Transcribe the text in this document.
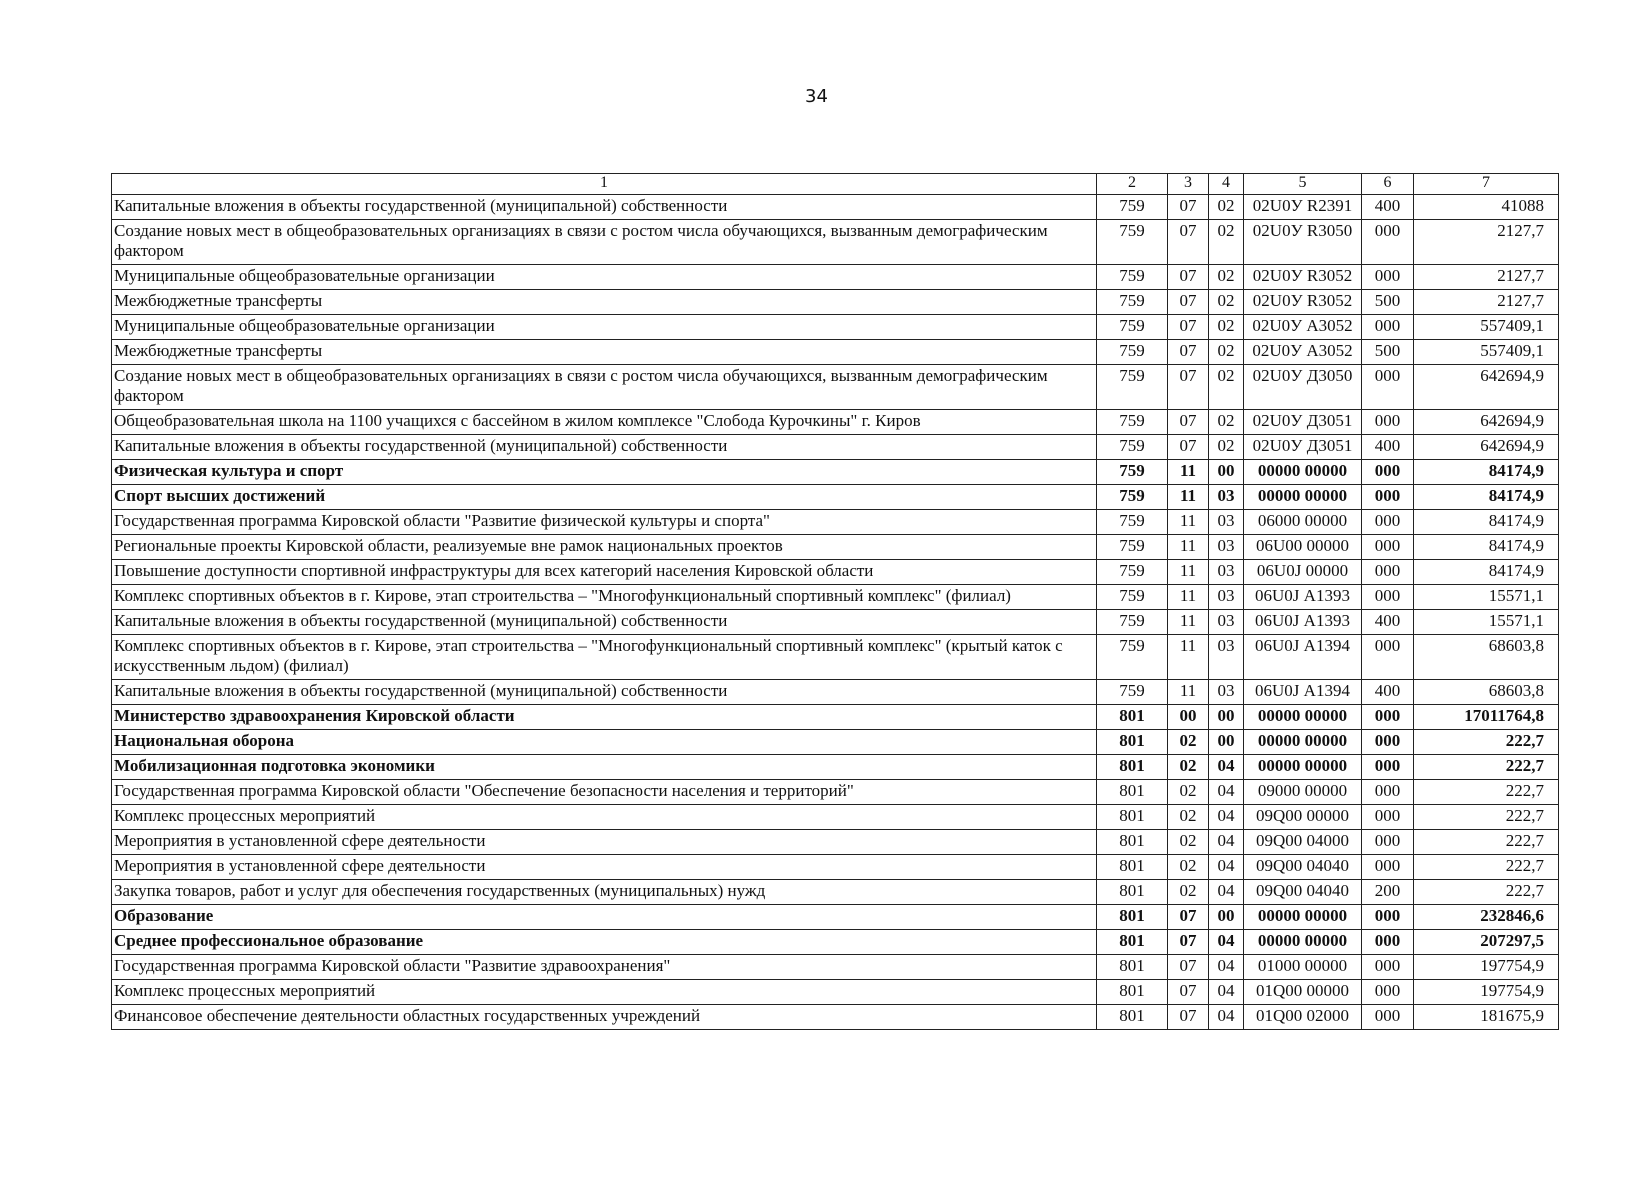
34
1	2	3	4	5	6	7
Капитальные вложения в объекты государственной (муниципальной) собственности	759	07	02	02U0У R2391	400	41088
Создание новых мест в общеобразовательных организациях в связи с ростом числа обучающихся, вызванным демографическим фактором	759	07	02	02U0У R3050	000	2127,7
Муниципальные общеобразовательные организации	759	07	02	02U0У R3052	000	2127,7
Межбюджетные трансферты	759	07	02	02U0У R3052	500	2127,7
Муниципальные общеобразовательные организации	759	07	02	02U0У А3052	000	557409,1
Межбюджетные трансферты	759	07	02	02U0У А3052	500	557409,1
Создание новых мест в общеобразовательных организациях в связи с ростом числа обучающихся, вызванным демографическим фактором	759	07	02	02U0У Д3050	000	642694,9
Общеобразовательная школа на 1100 учащихся с бассейном в жилом комплексе "Слобода Курочкины" г. Киров	759	07	02	02U0У Д3051	000	642694,9
Капитальные вложения в объекты государственной (муниципальной) собственности	759	07	02	02U0У Д3051	400	642694,9
Физическая культура и спорт	759	11	00	00000 00000	000	84174,9
Спорт высших достижений	759	11	03	00000 00000	000	84174,9
Государственная программа Кировской области "Развитие физической культуры и спорта"	759	11	03	06000 00000	000	84174,9
Региональные проекты Кировской области, реализуемые вне рамок национальных проектов	759	11	03	06U00 00000	000	84174,9
Повышение доступности спортивной инфраструктуры для всех категорий населения Кировской области	759	11	03	06U0J 00000	000	84174,9
Комплекс спортивных объектов в г. Кирове, этап строительства – "Многофункциональный спортивный комплекс" (филиал)	759	11	03	06U0J А1393	000	15571,1
Капитальные вложения в объекты государственной (муниципальной) собственности	759	11	03	06U0J А1393	400	15571,1
Комплекс спортивных объектов в г. Кирове, этап строительства – "Многофункциональный спортивный комплекс" (крытый каток с искусственным льдом) (филиал)	759	11	03	06U0J А1394	000	68603,8
Капитальные вложения в объекты государственной (муниципальной) собственности	759	11	03	06U0J А1394	400	68603,8
Министерство здравоохранения Кировской области	801	00	00	00000 00000	000	17011764,8
Национальная оборона	801	02	00	00000 00000	000	222,7
Мобилизационная подготовка экономики	801	02	04	00000 00000	000	222,7
Государственная программа Кировской области "Обеспечение безопасности населения и территорий"	801	02	04	09000 00000	000	222,7
Комплекс процессных мероприятий	801	02	04	09Q00 00000	000	222,7
Мероприятия в установленной сфере деятельности	801	02	04	09Q00 04000	000	222,7
Мероприятия в установленной сфере деятельности	801	02	04	09Q00 04040	000	222,7
Закупка товаров, работ и услуг для обеспечения государственных (муниципальных) нужд	801	02	04	09Q00 04040	200	222,7
Образование	801	07	00	00000 00000	000	232846,6
Среднее профессиональное образование	801	07	04	00000 00000	000	207297,5
Государственная программа Кировской области "Развитие здравоохранения"	801	07	04	01000 00000	000	197754,9
Комплекс процессных мероприятий	801	07	04	01Q00 00000	000	197754,9
Финансовое обеспечение деятельности областных государственных учреждений	801	07	04	01Q00 02000	000	181675,9
